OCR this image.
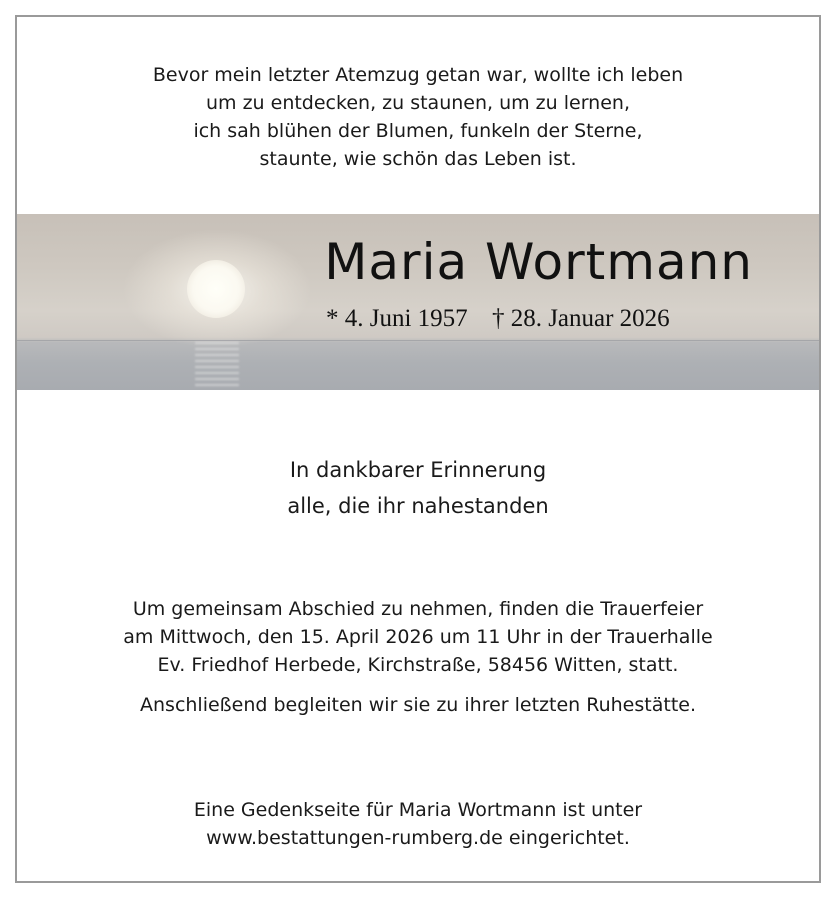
Bevor mein letzter Atemzug getan war, wollte ich leben
um zu entdecken, zu staunen, um zu lernen,
ich sah blühen der Blumen, funkeln der Sterne,
staunte, wie schön das Leben ist.
Maria Wortmann
* 4. Juni 1957 † 28. Januar 2026
In dankbarer Erinnerung
alle, die ihr nahestanden
Um gemeinsam Abschied zu nehmen, finden die Trauerfeier
am Mittwoch, den 15. April 2026 um 11 Uhr in der Trauerhalle
Ev. Friedhof Herbede, Kirchstraße, 58456 Witten, statt.
Anschließend begleiten wir sie zu ihrer letzten Ruhestätte.
Eine Gedenkseite für Maria Wortmann ist unter
www.bestattungen-rumberg.de eingerichtet.
